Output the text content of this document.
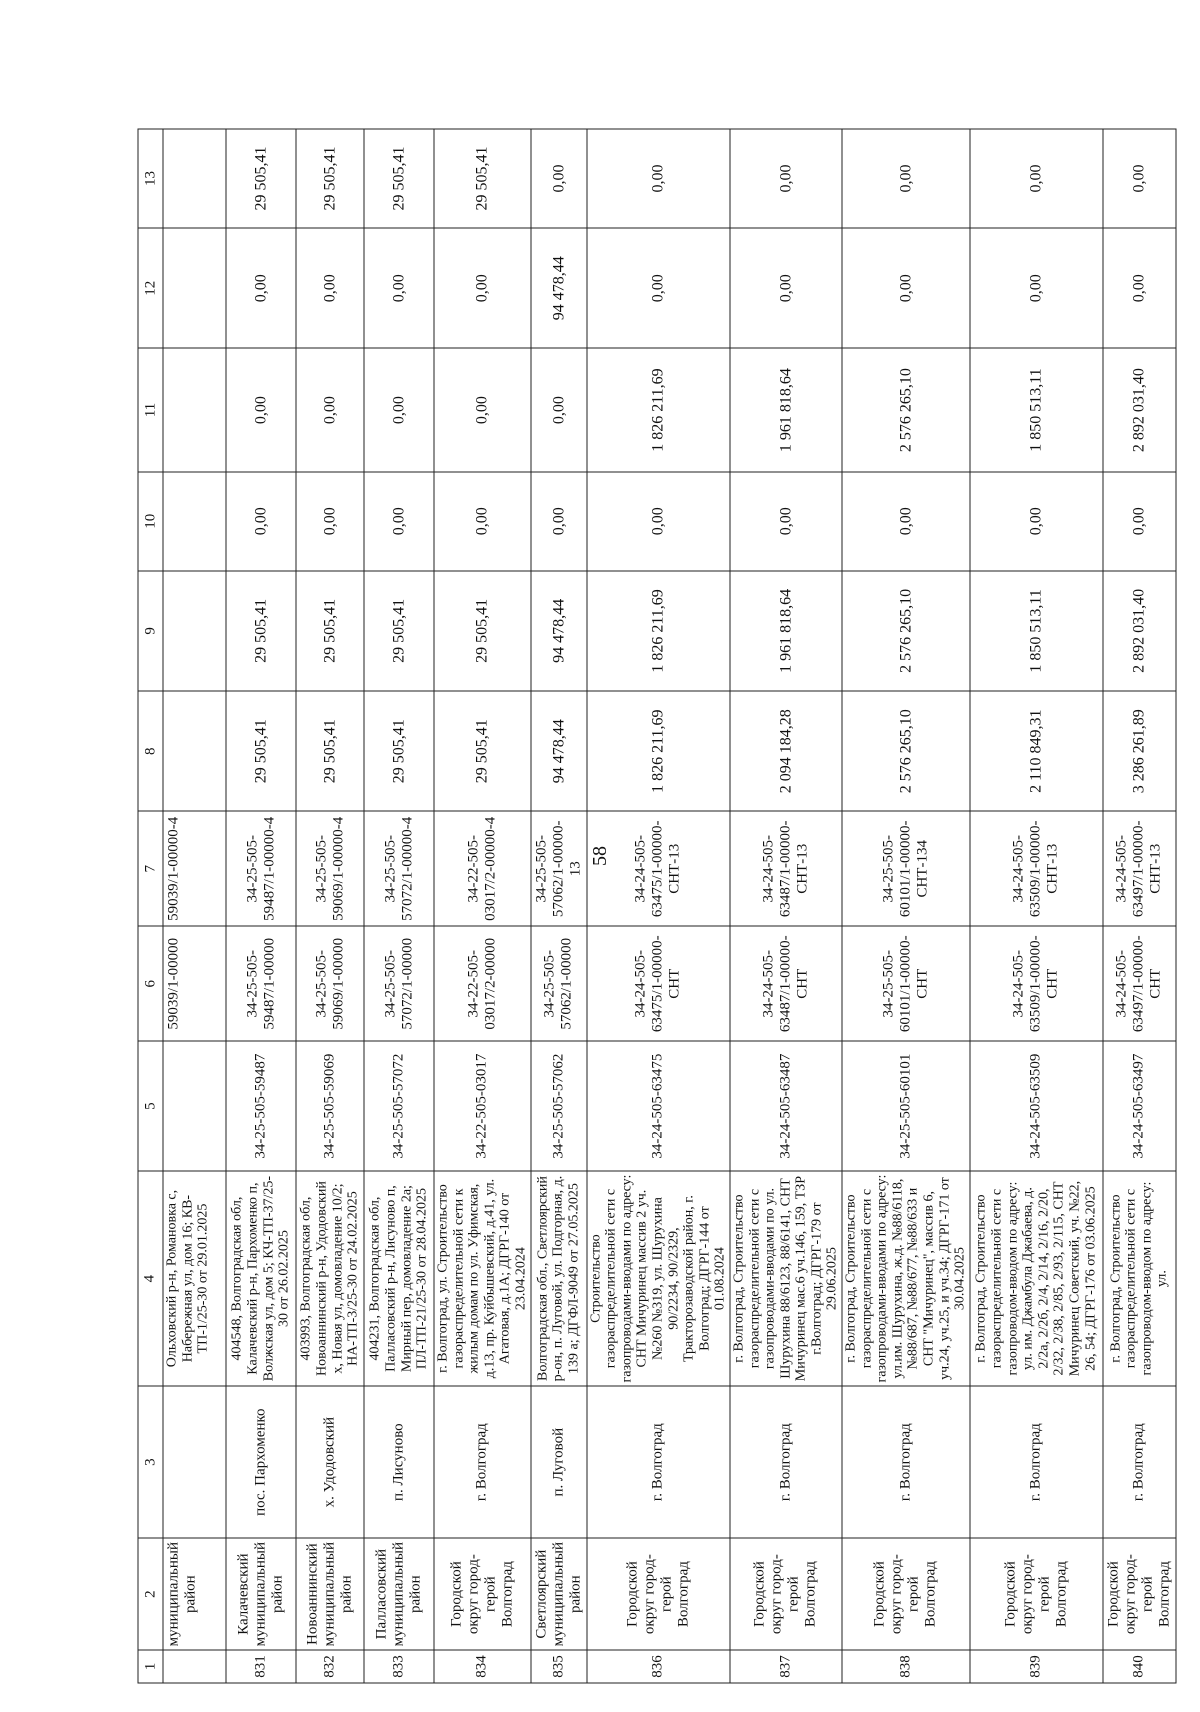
58
1	2	3	4	5	6	7	8	9	10	11	12	13
	муниципальный район		Ольховский р-н, Романовка с, Набережная ул, дом 16; КВ-ТП-1/25-30 от 29.01.2025		59039/1-00000	59039/1-00000-4						
831	Калачевский муниципальный район	пос. Пархоменко	404548, Волгоградская обл, Калачевский р-н, Пархоменко п, Волжская ул, дом 5; КЧ-ТП-37/25-30 от 26.02.2025	34-25-505-59487	34-25-505-59487/1-00000	34-25-505-59487/1-00000-4	29 505,41	29 505,41	0,00	0,00	0,00	29 505,41
832	Новоаннинский муниципальный район	х. Удодовский	403993, Волгоградская обл, Новоаннинский р-н, Удодовский х, Новая ул, домовладение 10/2; НА-ТП-3/25-30 от 24.02.2025	34-25-505-59069	34-25-505-59069/1-00000	34-25-505-59069/1-00000-4	29 505,41	29 505,41	0,00	0,00	0,00	29 505,41
833	Палласовский муниципальный район	п. Лисуново	404231, Волгоградская обл, Палласовский р-н, Лисуново п, Мирный пер, домовладение 2а; ПЛ-ТП-21/25-30 от 28.04.2025	34-25-505-57072	34-25-505-57072/1-00000	34-25-505-57072/1-00000-4	29 505,41	29 505,41	0,00	0,00	0,00	29 505,41
834	Городской округ город-герой Волгоград	г. Волгоград	г. Волгоград, ул. Строительство газораспределительной сети к жилым домам по ул. Уфимская, д.13, пр. Куйбышевский, д.41, ул. Агатовая, д.1А; ДГРГ-140 от 23.04.2024	34-22-505-03017	34-22-505-03017/2-00000	34-22-505-03017/2-00000-4	29 505,41	29 505,41	0,00	0,00	0,00	29 505,41
835	Светлоярский муниципальный район	п. Луговой	Волгоградская обл., Светлоярский р-он, п. Луговой, ул. Подгорная, д. 139 а; ДГФЛ-9049 от 27.05.2025	34-25-505-57062	34-25-505-57062/1-00000	34-25-505-57062/1-00000-13	94 478,44	94 478,44	0,00	0,00	94 478,44	0,00
836	Городской округ город-герой Волгоград	г. Волгоград	Строительство газораспределительной сети с газопроводами-вводами по адресу: СНТ Мичуринец массив 2 уч. №260 №319, ул. Шурухина 90/2234, 90/2329, Тракторозаводской район, г. Волгоград; ДГРГ-144 от 01.08.2024	34-24-505-63475	34-24-505-63475/1-00000-СНТ	34-24-505-63475/1-00000-СНТ-13	1 826 211,69	1 826 211,69	0,00	1 826 211,69	0,00	0,00
837	Городской округ город-герой Волгоград	г. Волгоград	г. Волгоград, Строительство газораспределительной сети с газопроводами-вводами по ул. Шурухина 88/6123, 88/6141, СНТ Мичуринец мас.6 уч.146, 159, ТЗР г.Волгоград; ДГРГ-179 от 29.06.2025	34-24-505-63487	34-24-505-63487/1-00000-СНТ	34-24-505-63487/1-00000-СНТ-13	2 094 184,28	1 961 818,64	0,00	1 961 818,64	0,00	0,00
838	Городской округ город-герой Волгоград	г. Волгоград	г. Волгоград, Строительство газораспределительной сети с газопроводами-вводами по адресу: ул.им. Шурухина, ж.д. №88/6118, №88/687, №88/677, №88/633 и СНТ "Мичуринец", массив 6, уч.24, уч.25, и уч.34; ДГРГ-171 от 30.04.2025	34-25-505-60101	34-25-505-60101/1-00000-СНТ	34-25-505-60101/1-00000-СНТ-134	2 576 265,10	2 576 265,10	0,00	2 576 265,10	0,00	0,00
839	Городской округ город-герой Волгоград	г. Волгоград	г. Волгоград, Строительство газораспределительной сети с газопроводом-вводом по адресу: ул. им. Джамбула Джабаева, д. 2/2а, 2/2б, 2/4, 2/14, 2/16, 2/20, 2/32, 2/38, 2/85, 2/93, 2/115, СНТ Мичуринец Советский, уч. №22, 26, 54; ДГРГ-176 от 03.06.2025	34-24-505-63509	34-24-505-63509/1-00000-СНТ	34-24-505-63509/1-00000-СНТ-13	2 110 849,31	1 850 513,11	0,00	1 850 513,11	0,00	0,00
840	Городской округ город-герой Волгоград	г. Волгоград	г. Волгоград, Строительство газораспределительной сети с газопроводом-вводом по адресу: ул.	34-24-505-63497	34-24-505-63497/1-00000-СНТ	34-24-505-63497/1-00000-СНТ-13	3 286 261,89	2 892 031,40	0,00	2 892 031,40	0,00	0,00
